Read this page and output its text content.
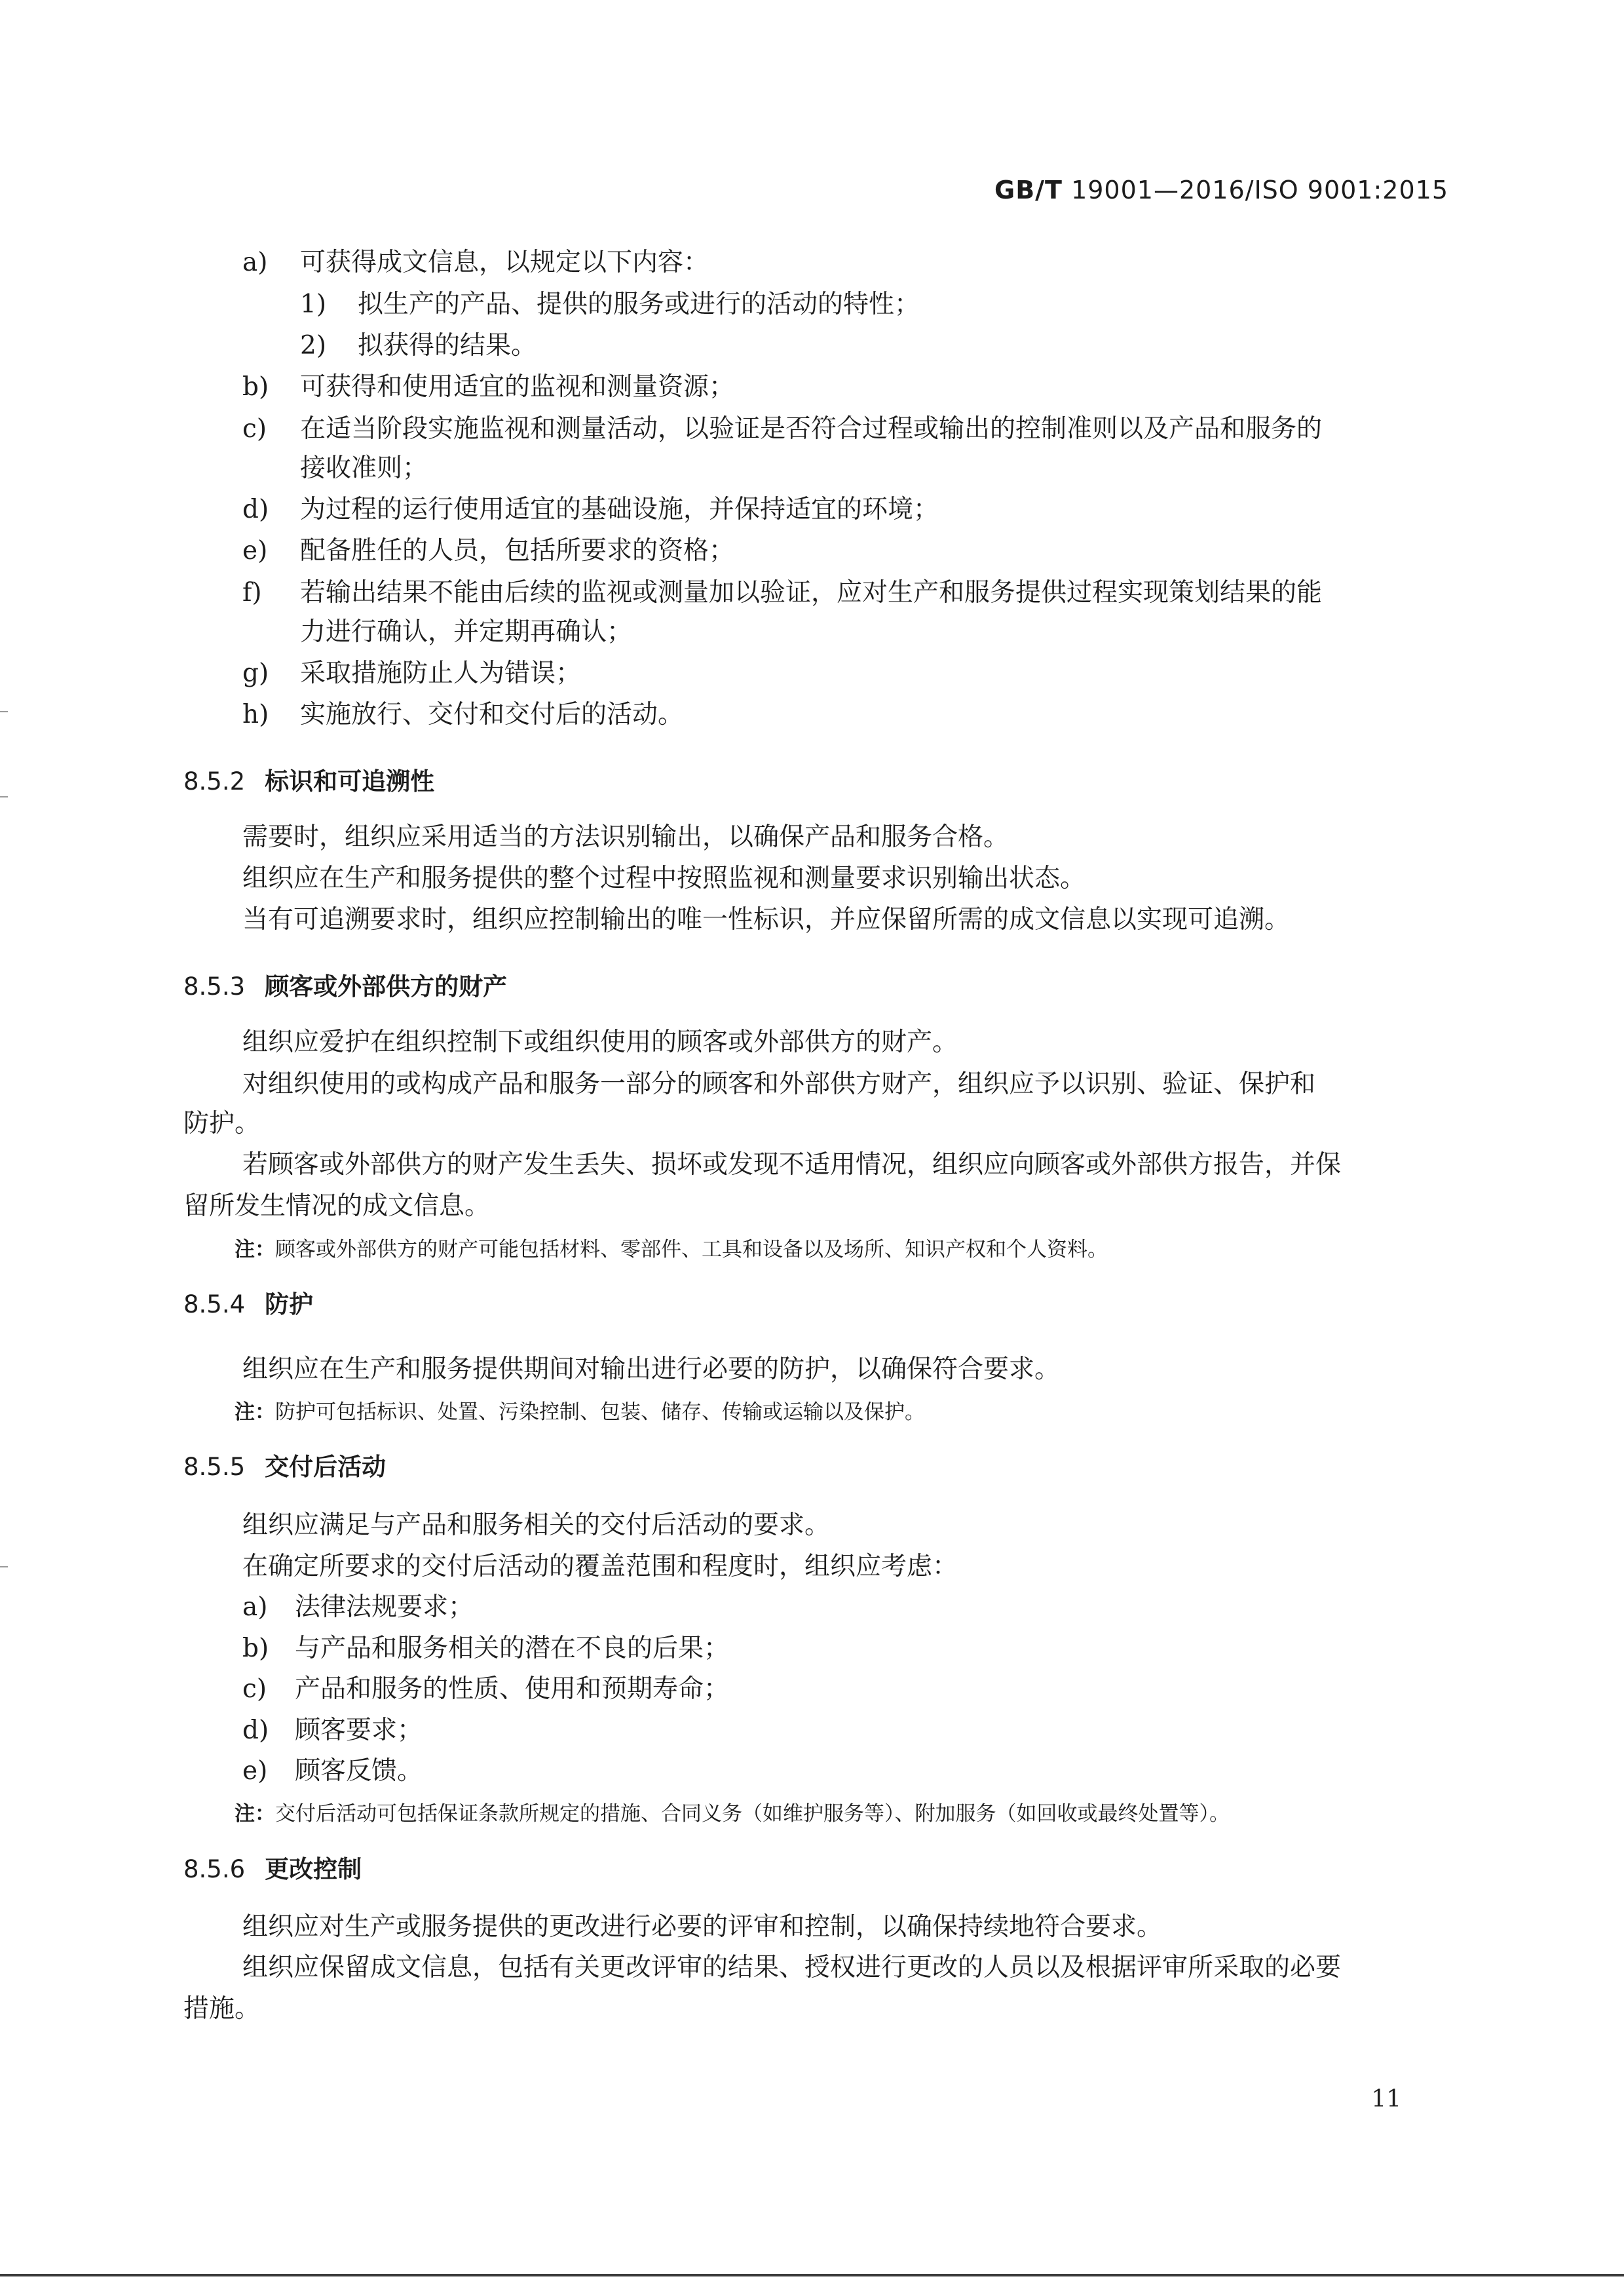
GB/T 19001—2016/ISO 9001:2015
a) 可获得成文信息，以规定以下内容：
1) 拟生产的产品、提供的服务或进行的活动的特性；
2) 拟获得的结果。
b) 可获得和使用适宜的监视和测量资源；
c) 在适当阶段实施监视和测量活动，以验证是否符合过程或输出的控制准则以及产品和服务的
接收准则；
d) 为过程的运行使用适宜的基础设施，并保持适宜的环境；
e) 配备胜任的人员，包括所要求的资格；
f) 若输出结果不能由后续的监视或测量加以验证，应对生产和服务提供过程实现策划结果的能
力进行确认，并定期再确认；
g) 采取措施防止人为错误；
h) 实施放行、交付和交付后的活动。
8.5.2 标识和可追溯性
需要时，组织应采用适当的方法识别输出，以确保产品和服务合格。
组织应在生产和服务提供的整个过程中按照监视和测量要求识别输出状态。
当有可追溯要求时，组织应控制输出的唯一性标识，并应保留所需的成文信息以实现可追溯。
8.5.3 顾客或外部供方的财产
组织应爱护在组织控制下或组织使用的顾客或外部供方的财产。
对组织使用的或构成产品和服务一部分的顾客和外部供方财产，组织应予以识别、验证、保护和
防护。
若顾客或外部供方的财产发生丢失、损坏或发现不适用情况，组织应向顾客或外部供方报告，并保
留所发生情况的成文信息。
注：顾客或外部供方的财产可能包括材料、零部件、工具和设备以及场所、知识产权和个人资料。
8.5.4 防护
组织应在生产和服务提供期间对输出进行必要的防护，以确保符合要求。
注：防护可包括标识、处置、污染控制、包装、储存、传输或运输以及保护。
8.5.5 交付后活动
组织应满足与产品和服务相关的交付后活动的要求。
在确定所要求的交付后活动的覆盖范围和程度时，组织应考虑：
a) 法律法规要求；
b) 与产品和服务相关的潜在不良的后果；
c) 产品和服务的性质、使用和预期寿命；
d) 顾客要求；
e) 顾客反馈。
注：交付后活动可包括保证条款所规定的措施、合同义务（如维护服务等）、附加服务（如回收或最终处置等）。
8.5.6 更改控制
组织应对生产或服务提供的更改进行必要的评审和控制，以确保持续地符合要求。
组织应保留成文信息，包括有关更改评审的结果、授权进行更改的人员以及根据评审所采取的必要
措施。
11
